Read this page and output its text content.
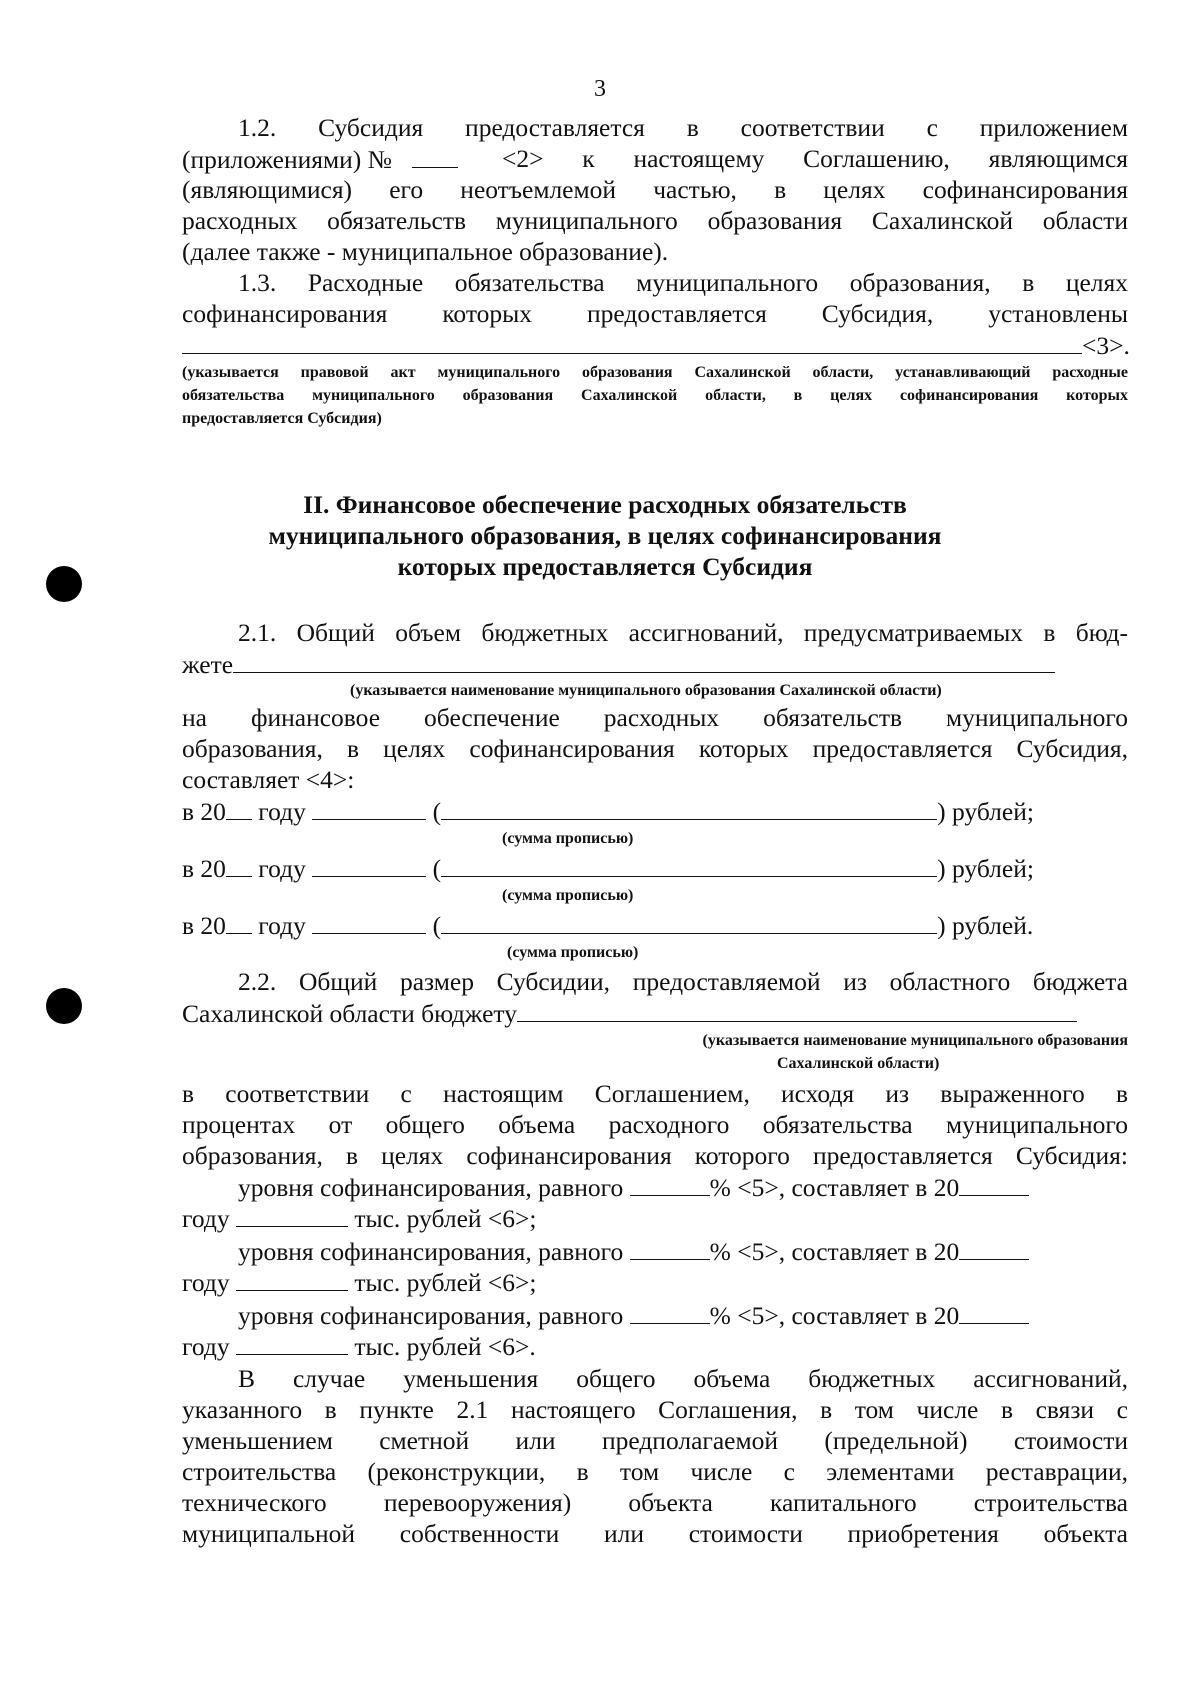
3
1.2. Субсидия предоставляется в соответствии с приложением
(приложениями) №	<2> к настоящему Соглашению, являющимся
(являющимися) его неотъемлемой частью, в целях софинансирования
расходных обязательств муниципального образования Сахалинской области
(далее также - муниципальное образование).
1.3. Расходные обязательства муниципального образования, в целях
софинансирования которых предоставляется Субсидия, установлены
<3>.
(указывается правовой акт муниципального образования Сахалинской области, устанавливающий расходные
обязательства муниципального образования Сахалинской области, в целях софинансирования которых
предоставляется Субсидия)
II. Финансовое обеспечение расходных обязательств
муниципального образования, в целях софинансирования
которых предоставляется Субсидия
2.1. Общий объем бюджетных ассигнований, предусматриваемых в бюд-
жете
(указывается наименование муниципального образования Сахалинской области)
на финансовое обеспечение расходных обязательств муниципального
образования, в целях софинансирования которых предоставляется Субсидия,
составляет <4>:
в 20 году	(	) рублей;
(сумма прописью)
в 20 году	(	) рублей;
(сумма прописью)
в 20 году	(	) рублей.
(сумма прописью)
2.2. Общий размер Субсидии, предоставляемой из областного бюджета
Сахалинской области бюджету
(указывается наименование муниципального образования
Сахалинской области)
в соответствии с настоящим Соглашением, исходя из выраженного в
процентах от общего объема расходного обязательства муниципального
образования, в целях софинансирования которого предоставляется Субсидия:
уровня софинансирования, равного	% <5>, составляет в 20
году	тыс. рублей <6>;
уровня софинансирования, равного	% <5>, составляет в 20
году	тыс. рублей <6>;
уровня софинансирования, равного	% <5>, составляет в 20
году	тыс. рублей <6>.
В случае уменьшения общего объема бюджетных ассигнований,
указанного в пункте 2.1 настоящего Соглашения, в том числе в связи с
уменьшением сметной или предполагаемой (предельной) стоимости
строительства (реконструкции, в том числе с элементами реставрации,
технического перевооружения) объекта капитального строительства
муниципальной собственности или стоимости приобретения объекта
